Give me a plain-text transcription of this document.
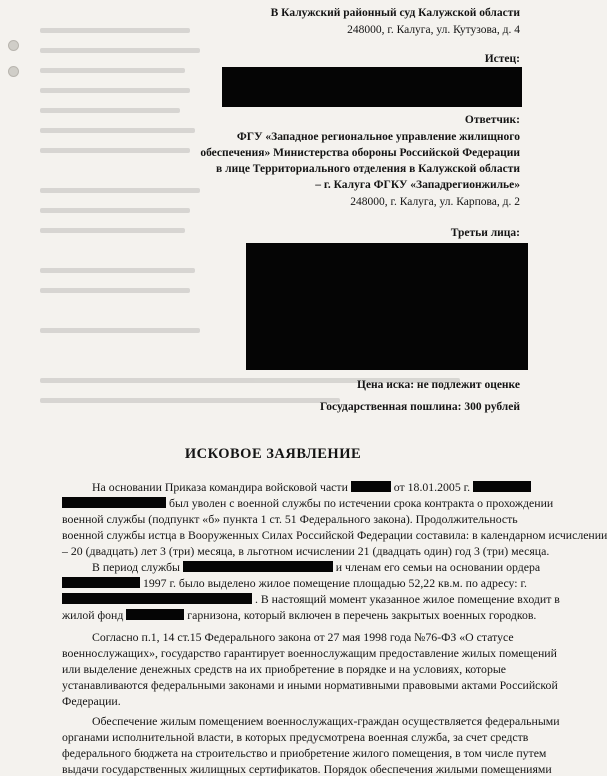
В Калужский районный суд Калужской области
248000, г. Калуга, ул. Кутузова, д. 4
Истец:
Ответчик:
ФГУ «Западное региональное управление жилищного
обеспечения» Министерства обороны Российской Федерации
в лице Территориального отделения в Калужской области
– г. Калуга ФГКУ «Западрегионжилье»
248000, г. Калуга, ул. Карпова, д. 2
Третьи лица:
Цена иска: не подлежит оценке
Государственная пошлина: 300 рублей
ИСКОВОЕ ЗАЯВЛЕНИЕ
На основании Приказа командира войсковой части	от 18.01.2005 г.
был уволен с военной службы по истечении срока контракта о прохождении
военной службы (подпункт «б» пункта 1 ст. 51 Федерального закона). Продолжительность
военной службы истца в Вооруженных Силах Российской Федерации составила: в календарном исчислении
– 20 (двадцать) лет 3 (три) месяца, в льготном исчислении 21 (двадцать один) год 3 (три) месяца.
В период службы	и членам его семьи на основании ордера
1997 г. было выделено жилое помещение площадью 52,22 кв.м. по адресу: г.
. В настоящий момент указанное жилое помещение входит в
жилой фонд	гарнизона, который включен в перечень закрытых военных городков.
Согласно п.1, 14 ст.15 Федерального закона от 27 мая 1998 года №76-ФЗ «О статусе
военнослужащих», государство гарантирует военнослужащим предоставление жилых помещений
или выделение денежных средств на их приобретение в порядке и на условиях, которые
устанавливаются федеральными законами и иными нормативными правовыми актами Российской
Федерации.
Обеспечение жилым помещением военнослужащих-граждан осуществляется федеральными
органами исполнительной власти, в которых предусмотрена военная служба, за счет средств
федерального бюджета на строительство и приобретение жилого помещения, в том числе путем
выдачи государственных жилищных сертификатов. Порядок обеспечения жилыми помещениями
